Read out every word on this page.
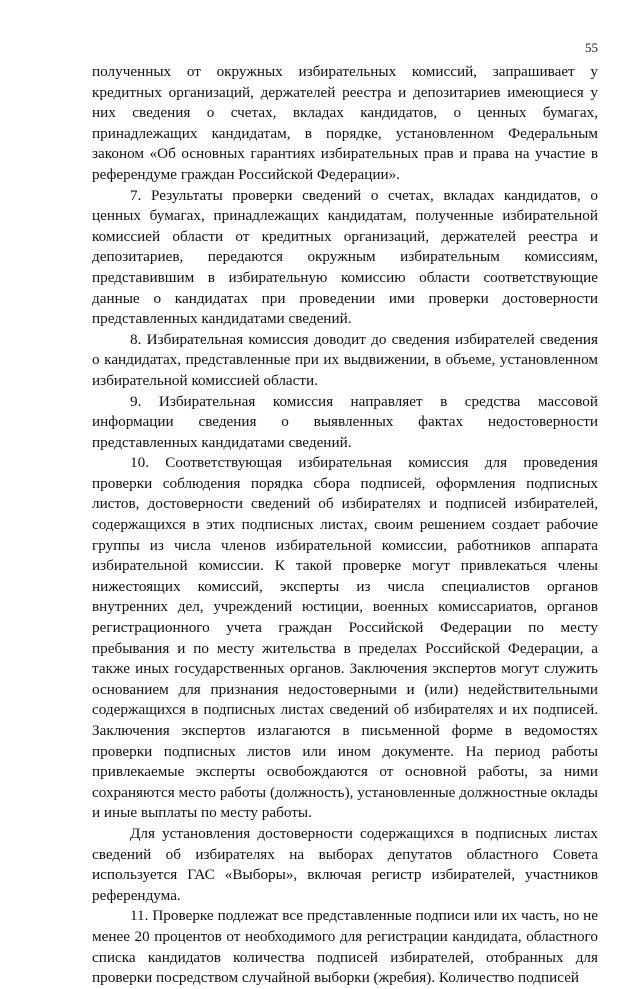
55

полученных от окружных избирательных комиссий, запрашивает у кредитных организаций, держателей реестра и депозитариев имеющиеся у них сведения о счетах, вкладах кандидатов, о ценных бумагах, принадлежащих кандидатам, в порядке, установленном Федеральным законом «Об основных гарантиях избирательных прав и права на участие в референдуме граждан Российской Федерации».

7. Результаты проверки сведений о счетах, вкладах кандидатов, о ценных бумагах, принадлежащих кандидатам, полученные избирательной комиссией области от кредитных организаций, держателей реестра и депозитариев, передаются окружным избирательным комиссиям, представившим в избирательную комиссию области соответствующие данные о кандидатах при проведении ими проверки достоверности представленных кандидатами сведений.

8. Избирательная комиссия доводит до сведения избирателей сведения о кандидатах, представленные при их выдвижении, в объеме, установленном избирательной комиссией области.

9. Избирательная комиссия направляет в средства массовой информации сведения о выявленных фактах недостоверности представленных кандидатами сведений.

10. Соответствующая избирательная комиссия для проведения проверки соблюдения порядка сбора подписей, оформления подписных листов, достоверности сведений об избирателях и подписей избирателей, содержащихся в этих подписных листах, своим решением создает рабочие группы из числа членов избирательной комиссии, работников аппарата избирательной комиссии. К такой проверке могут привлекаться члены нижестоящих комиссий, эксперты из числа специалистов органов внутренних дел, учреждений юстиции, военных комиссариатов, органов регистрационного учета граждан Российской Федерации по месту пребывания и по месту жительства в пределах Российской Федерации, а также иных государственных органов. Заключения экспертов могут служить основанием для признания недостоверными и (или) недействительными содержащихся в подписных листах сведений об избирателях и их подписей. Заключения экспертов излагаются в письменной форме в ведомостях проверки подписных листов или ином документе. На период работы привлекаемые эксперты освобождаются от основной работы, за ними сохраняются место работы (должность), установленные должностные оклады и иные выплаты по месту работы.

Для установления достоверности содержащихся в подписных листах сведений об избирателях на выборах депутатов областного Совета используется ГАС «Выборы», включая регистр избирателей, участников референдума.

11. Проверке подлежат все представленные подписи или их часть, но не менее 20 процентов от необходимого для регистрации кандидата, областного списка кандидатов количества подписей избирателей, отобранных для проверки посредством случайной выборки (жребия). Количество подписей
